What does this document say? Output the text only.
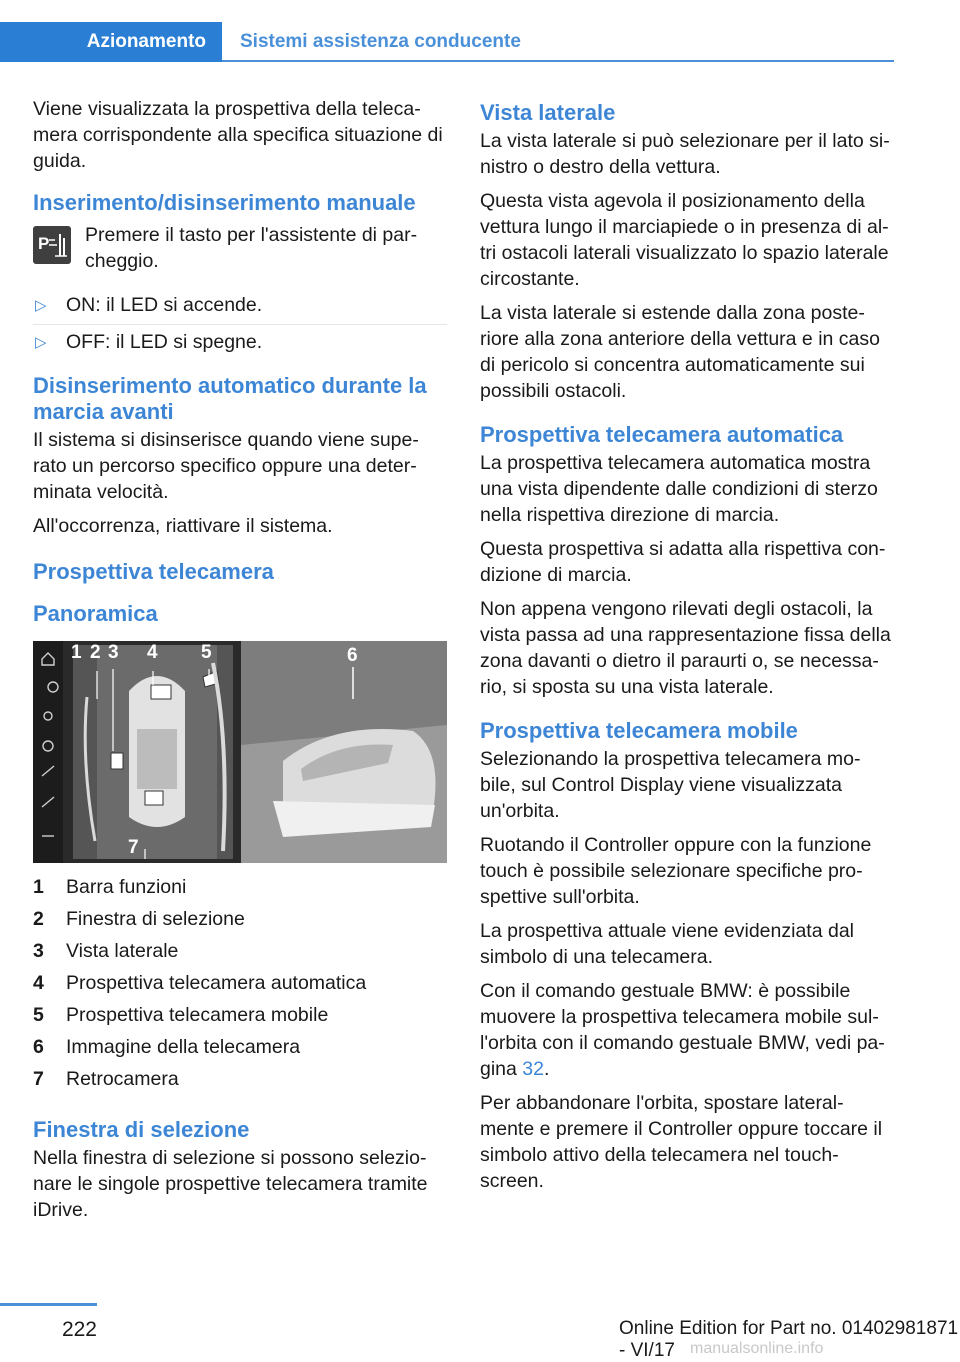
Azionamento	Sistemi assistenza conducente

Viene visualizzata la prospettiva della teleca-mera corrispondente alla specifica situazione di guida.

Inserimento/disinserimento manuale
P Premere il tasto per l'assistente di par-cheggio.
▷ ON: il LED si accende.
▷ OFF: il LED si spegne.
Disinserimento automatico durante la marcia avanti

Il sistema si disinserisce quando viene supe-rato un percorso specifico oppure una deter-minata velocità.

All'occorrenza, riattivare il sistema.

Prospettiva telecamera
Panoramica
1 2 3 4 5	6
7
1	Barra funzioni
2	Finestra di selezione
3	Vista laterale
4	Prospettiva telecamera automatica
5	Prospettiva telecamera mobile
6	Immagine della telecamera
7	Retrocamera
Finestra di selezione

Nella finestra di selezione si possono selezio-nare le singole prospettive telecamera tramite iDrive.

Vista laterale

La vista laterale si può selezionare per il lato si-nistro o destro della vettura.

Questa vista agevola il posizionamento della vettura lungo il marciapiede o in presenza di al-tri ostacoli laterali visualizzato lo spazio laterale circostante.

La vista laterale si estende dalla zona poste-riore alla zona anteriore della vettura e in caso di pericolo si concentra automaticamente sui possibili ostacoli.

Prospettiva telecamera automatica

La prospettiva telecamera automatica mostra una vista dipendente dalle condizioni di sterzo nella rispettiva direzione di marcia.

Questa prospettiva si adatta alla rispettiva con-dizione di marcia.

Non appena vengono rilevati degli ostacoli, la vista passa ad una rappresentazione fissa della zona davanti o dietro il paraurti o, se necessa-rio, si sposta su una vista laterale.

Prospettiva telecamera mobile

Selezionando la prospettiva telecamera mo-bile, sul Control Display viene visualizzata un'orbita.

Ruotando il Controller oppure con la funzione touch è possibile selezionare specifiche pro-spettive sull'orbita.

La prospettiva attuale viene evidenziata dal simbolo di una telecamera.

Con il comando gestuale BMW: è possibile muovere la prospettiva telecamera mobile sul-l'orbita con il comando gestuale BMW, vedi pa-gina 32.

Per abbandonare l'orbita, spostare lateral-mente e premere il Controller oppure toccare il simbolo attivo della telecamera nel touch-screen.

222	Online Edition for Part no. 01402981871 - VI/17 manualsonline.info
